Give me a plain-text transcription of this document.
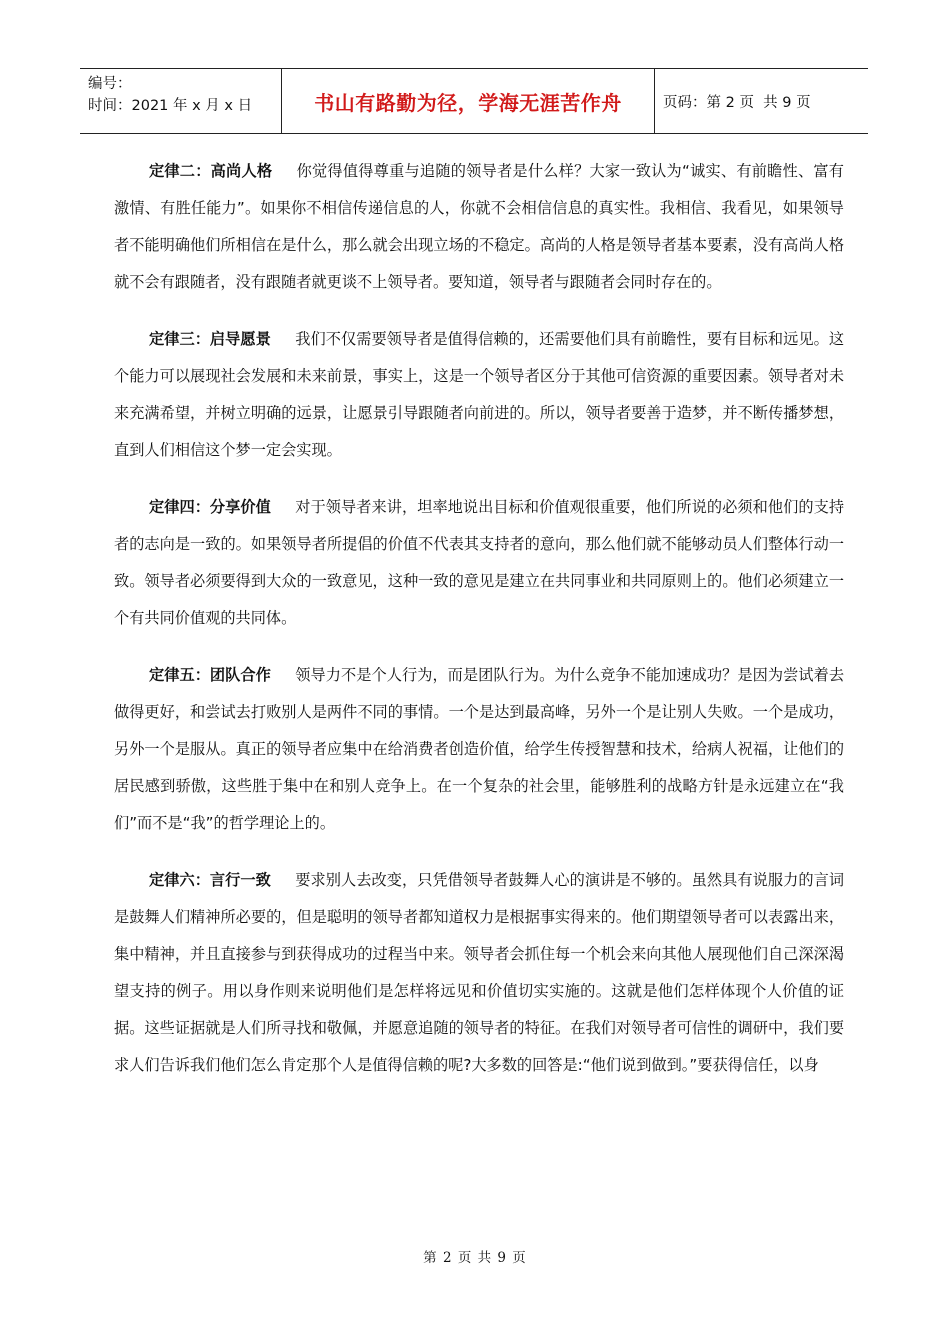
编号：
时间：2021 年 x 月 x 日	书山有路勤为径，学海无涯苦作舟	页码：第 2 页  共 9 页

定律二：高尚人格 你觉得值得尊重与追随的领导者是什么样？大家一致认为“诚实、有前瞻性、富有激情、有胜任能力”。如果你不相信传递信息的人，你就不会相信信息的真实性。我相信、我看见，如果领导者不能明确他们所相信在是什么，那么就会出现立场的不稳定。高尚的人格是领导者基本要素，没有高尚人格就不会有跟随者，没有跟随者就更谈不上领导者。要知道，领导者与跟随者会同时存在的。

定律三：启导愿景 我们不仅需要领导者是值得信赖的，还需要他们具有前瞻性，要有目标和远见。这个能力可以展现社会发展和未来前景，事实上，这是一个领导者区分于其他可信资源的重要因素。领导者对未来充满希望，并树立明确的远景，让愿景引导跟随者向前进的。所以，领导者要善于造梦，并不断传播梦想，直到人们相信这个梦一定会实现。

定律四：分享价值 对于领导者来讲，坦率地说出目标和价值观很重要，他们所说的必须和他们的支持者的志向是一致的。如果领导者所提倡的价值不代表其支持者的意向，那么他们就不能够动员人们整体行动一致。领导者必须要得到大众的一致意见，这种一致的意见是建立在共同事业和共同原则上的。他们必须建立一个有共同价值观的共同体。

定律五：团队合作 领导力不是个人行为，而是团队行为。为什么竞争不能加速成功？是因为尝试着去做得更好，和尝试去打败别人是两件不同的事情。一个是达到最高峰，另外一个是让别人失败。一个是成功，另外一个是服从。真正的领导者应集中在给消费者创造价值，给学生传授智慧和技术，给病人祝福，让他们的居民感到骄傲，这些胜于集中在和别人竞争上。在一个复杂的社会里，能够胜利的战略方针是永远建立在“我们”而不是“我”的哲学理论上的。

定律六：言行一致 要求别人去改变，只凭借领导者鼓舞人心的演讲是不够的。虽然具有说服力的言词是鼓舞人们精神所必要的，但是聪明的领导者都知道权力是根据事实得来的。他们期望领导者可以表露出来，集中精神，并且直接参与到获得成功的过程当中来。领导者会抓住每一个机会来向其他人展现他们自己深深渴望支持的例子。用以身作则来说明他们是怎样将远见和价值切实实施的。这就是他们怎样体现个人价值的证据。这些证据就是人们所寻找和敬佩，并愿意追随的领导者的特征。在我们对领导者可信性的调研中，我们要求人们告诉我们他们怎么肯定那个人是值得信赖的呢?大多数的回答是:“他们说到做到。”要获得信任，以身

第 2 页 共 9 页
